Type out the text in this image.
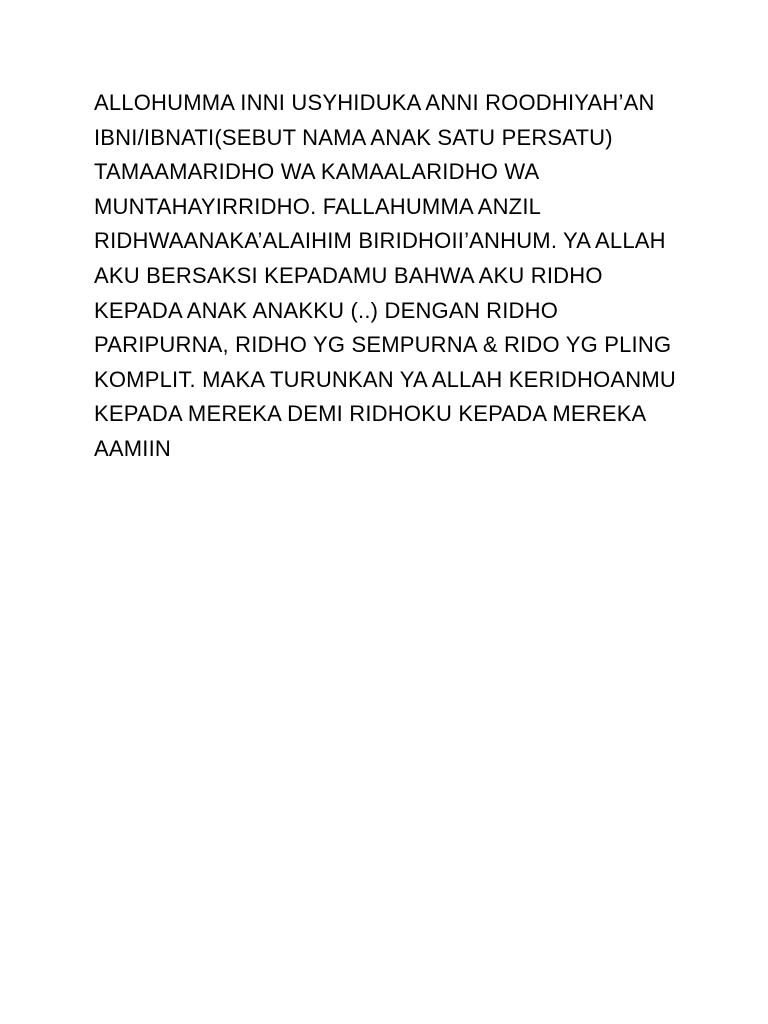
ALLOHUMMA INNI USYHIDUKA ANNI ROODHIYAH’AN
IBNI/IBNATI(SEBUT NAMA ANAK SATU PERSATU)
TAMAAMARIDHO WA KAMAALARIDHO WA
MUNTAHAYIRRIDHO. FALLAHUMMA ANZIL
RIDHWAANAKA’ALAIHIM BIRIDHOII’ANHUM. YA ALLAH
AKU BERSAKSI KEPADAMU BAHWA AKU RIDHO
KEPADA ANAK ANAKKU (..) DENGAN RIDHO
PARIPURNA, RIDHO YG SEMPURNA & RIDO YG PLING
KOMPLIT. MAKA TURUNKAN YA ALLAH KERIDHOANMU
KEPADA MEREKA DEMI RIDHOKU KEPADA MEREKA
AAMIIN
